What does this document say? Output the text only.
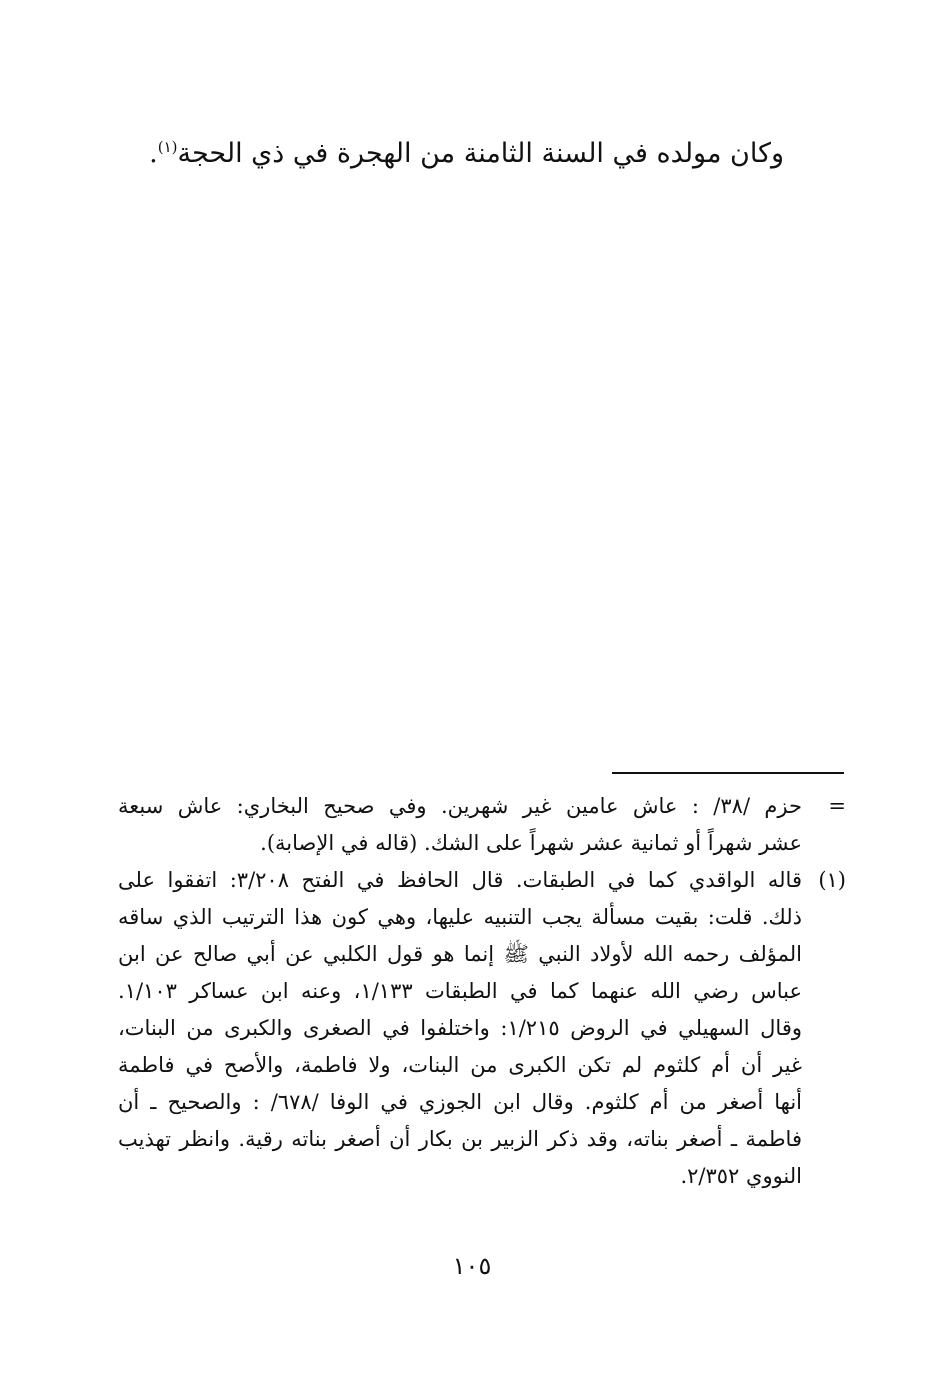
وكان مولده في السنة الثامنة من الهجرة في ذي الحجة$^{(١)}$.

=
حزم /٣٨/ : عاش عامين غير شهرين. وفي صحيح البخاري: عاش سبعة
عشر شهراً أو ثمانية عشر شهراً على الشك. (قاله في الإصابة).
(١)
قاله الواقدي كما في الطبقات. قال الحافظ في الفتح ٣/٢٠٨: اتفقوا على
ذلك. قلت: بقيت مسألة يجب التنبيه عليها، وهي كون هذا الترتيب الذي ساقه
المؤلف رحمه الله لأولاد النبي ﷺ إنما هو قول الكلبي عن أبي صالح عن ابن
عباس رضي الله عنهما كما في الطبقات ١/١٣٣، وعنه ابن عساكر ١/١٠٣.
وقال السهيلي في الروض ١/٢١٥: واختلفوا في الصغرى والكبرى من البنات،
غير أن أم كلثوم لم تكن الكبرى من البنات، ولا فاطمة، والأصح في فاطمة
أنها أصغر من أم كلثوم. وقال ابن الجوزي في الوفا /٦٧٨/ : والصحيح ـ أن
فاطمة ـ أصغر بناته، وقد ذكر الزبير بن بكار أن أصغر بناته رقية. وانظر تهذيب
النووي ٢/٣٥٢.
١٠٥
